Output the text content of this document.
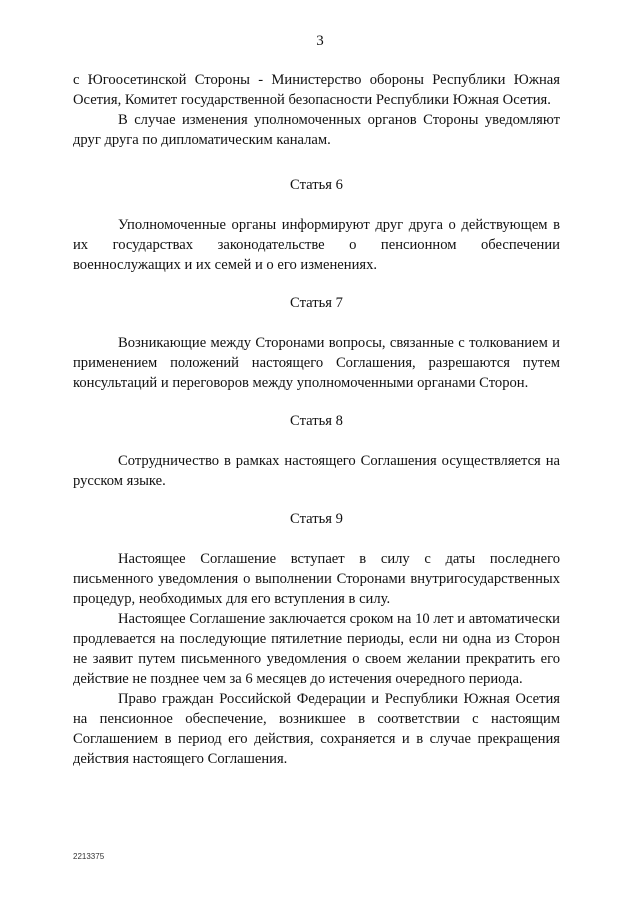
3

с Югоосетинской Стороны - Министерство обороны Республики Южная Осетия, Комитет государственной безопасности Республики Южная Осетия.

В случае изменения уполномоченных органов Стороны уведомляют друг друга по дипломатическим каналам.

Статья 6

Уполномоченные органы информируют друг друга о действующем в их государствах законодательстве о пенсионном обеспечении военнослужащих и их семей и о его изменениях.

Статья 7

Возникающие между Сторонами вопросы, связанные с толкованием и применением положений настоящего Соглашения, разрешаются путем консультаций и переговоров между уполномоченными органами Сторон.

Статья 8

Сотрудничество в рамках настоящего Соглашения осуществляется на русском языке.

Статья 9

Настоящее Соглашение вступает в силу с даты последнего письменного уведомления о выполнении Сторонами внутригосударственных процедур, необходимых для его вступления в силу.

Настоящее Соглашение заключается сроком на 10 лет и автоматически продлевается на последующие пятилетние периоды, если ни одна из Сторон не заявит путем письменного уведомления о своем желании прекратить его действие не позднее чем за 6 месяцев до истечения очередного периода.

Право граждан Российской Федерации и Республики Южная Осетия на пенсионное обеспечение, возникшее в соответствии с настоящим Соглашением в период его действия, сохраняется и в случае прекращения действия настоящего Соглашения.

2213375
